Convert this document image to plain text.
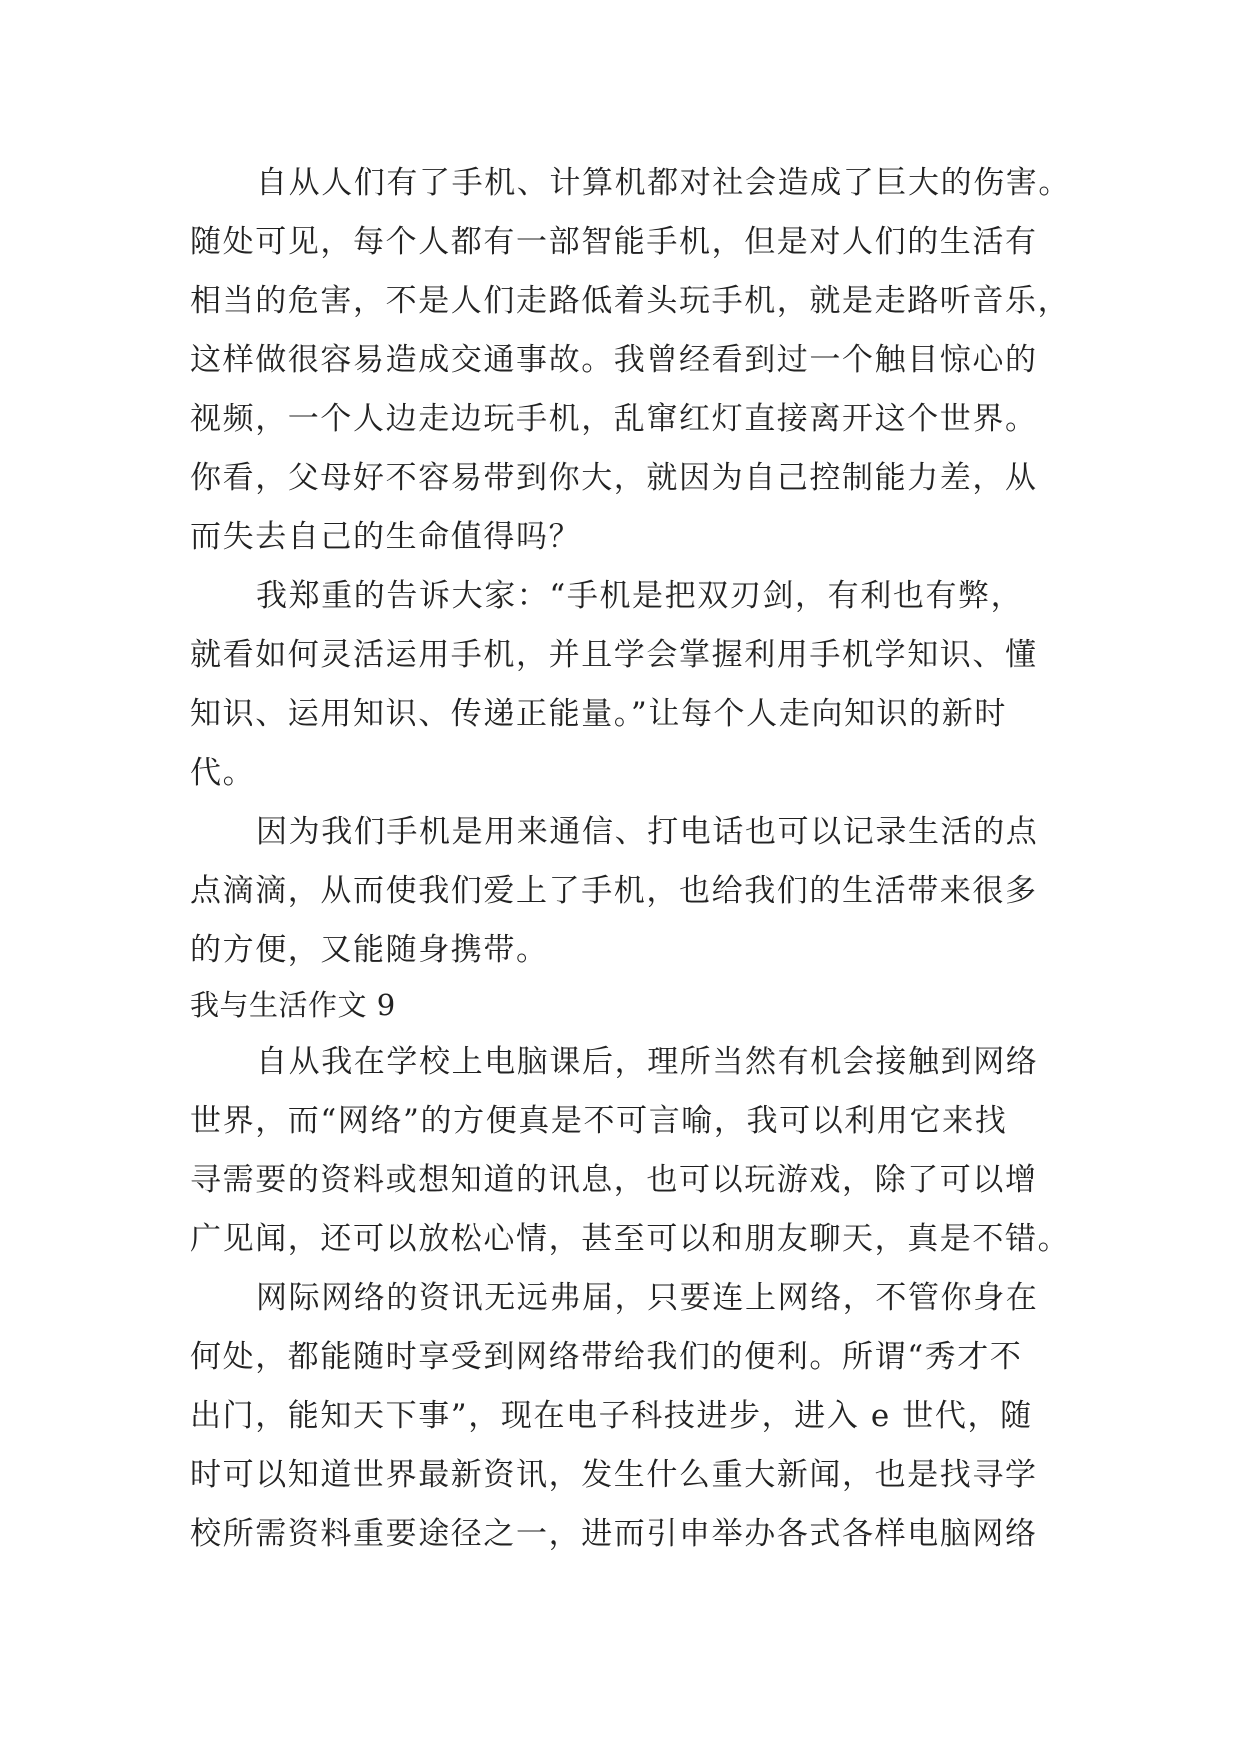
自从人们有了手机、计算机都对社会造成了巨大的伤害。
随处可见，每个人都有一部智能手机，但是对人们的生活有
相当的危害，不是人们走路低着头玩手机，就是走路听音乐，
这样做很容易造成交通事故。我曾经看到过一个触目惊心的
视频，一个人边走边玩手机，乱窜红灯直接离开这个世界。
你看，父母好不容易带到你大，就因为自己控制能力差，从
而失去自己的生命值得吗？
我郑重的告诉大家：“手机是把双刃剑，有利也有弊，
就看如何灵活运用手机，并且学会掌握利用手机学知识、懂
知识、运用知识、传递正能量。”让每个人走向知识的新时
代。
因为我们手机是用来通信、打电话也可以记录生活的点
点滴滴，从而使我们爱上了手机，也给我们的生活带来很多
的方便，又能随身携带。
我与生活作文 9
自从我在学校上电脑课后，理所当然有机会接触到网络
世界，而“网络”的方便真是不可言喻，我可以利用它来找
寻需要的资料或想知道的讯息，也可以玩游戏，除了可以增
广见闻，还可以放松心情，甚至可以和朋友聊天，真是不错。
网际网络的资讯无远弗届，只要连上网络，不管你身在
何处，都能随时享受到网络带给我们的便利。所谓“秀才不
出门，能知天下事”，现在电子科技进步，进入 e 世代，随
时可以知道世界最新资讯，发生什么重大新闻，也是找寻学
校所需资料重要途径之一，进而引申举办各式各样电脑网络
